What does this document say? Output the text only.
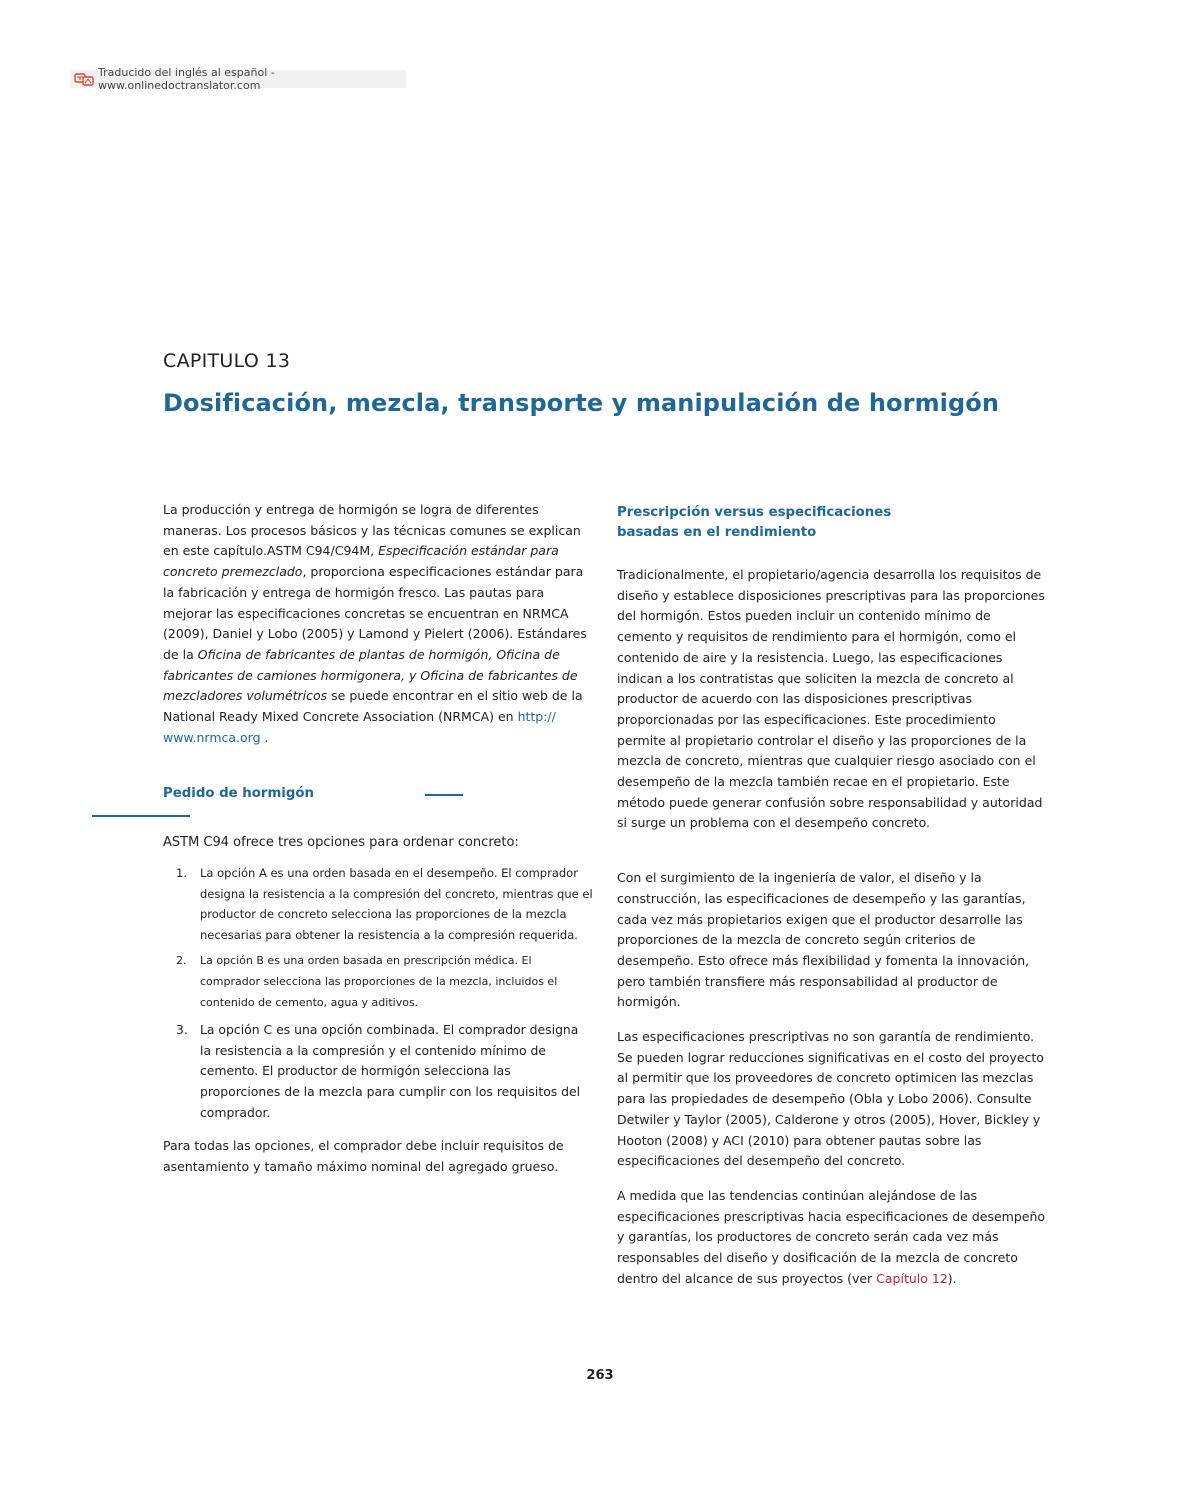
Traducido del inglés al español - www.onlinedoctranslator.com
CAPITULO 13
Dosificación, mezcla, transporte y manipulación de hormigón

La producción y entrega de hormigón se logra de diferentes maneras. Los procesos básicos y las técnicas comunes se explican en este capítulo.ASTM C94/C94M, Especificación estándar para concreto premezclado, proporciona especificaciones estándar para la fabricación y entrega de hormigón fresco. Las pautas para mejorar las especificaciones concretas se encuentran en NRMCA (2009), Daniel y Lobo (2005) y Lamond y Pielert (2006). Estándares de la Oficina de fabricantes de plantas de hormigón, Oficina de fabricantes de camiones hormigonera, y Oficina de fabricantes de mezcladores volumétricos se puede encontrar en el sitio web de la National Ready Mixed Concrete Association (NRMCA) en http:// www.nrmca.org .

Pedido de hormigón

ASTM C94 ofrece tres opciones para ordenar concreto:

1. La opción A es una orden basada en el desempeño. El comprador designa la resistencia a la compresión del concreto, mientras que el productor de concreto selecciona las proporciones de la mezcla necesarias para obtener la resistencia a la compresión requerida.
2. La opción B es una orden basada en prescripción médica. El comprador selecciona las proporciones de la mezcla, incluidos el contenido de cemento, agua y aditivos.
3. La opción C es una opción combinada. El comprador designa la resistencia a la compresión y el contenido mínimo de cemento. El productor de hormigón selecciona las proporciones de la mezcla para cumplir con los requisitos del comprador.

Para todas las opciones, el comprador debe incluir requisitos de asentamiento y tamaño máximo nominal del agregado grueso.

Prescripción versus especificaciones
basadas en el rendimiento

Tradicionalmente, el propietario/agencia desarrolla los requisitos de diseño y establece disposiciones prescriptivas para las proporciones del hormigón. Estos pueden incluir un contenido mínimo de cemento y requisitos de rendimiento para el hormigón, como el contenido de aire y la resistencia. Luego, las especificaciones indican a los contratistas que soliciten la mezcla de concreto al productor de acuerdo con las disposiciones prescriptivas proporcionadas por las especificaciones. Este procedimiento permite al propietario controlar el diseño y las proporciones de la mezcla de concreto, mientras que cualquier riesgo asociado con el desempeño de la mezcla también recae en el propietario. Este método puede generar confusión sobre responsabilidad y autoridad si surge un problema con el desempeño concreto.

Con el surgimiento de la ingeniería de valor, el diseño y la construcción, las especificaciones de desempeño y las garantías, cada vez más propietarios exigen que el productor desarrolle las proporciones de la mezcla de concreto según criterios de desempeño. Esto ofrece más flexibilidad y fomenta la innovación, pero también transfiere más responsabilidad al productor de hormigón.

Las especificaciones prescriptivas no son garantía de rendimiento. Se pueden lograr reducciones significativas en el costo del proyecto al permitir que los proveedores de concreto optimicen las mezclas para las propiedades de desempeño (Obla y Lobo 2006). Consulte Detwiler y Taylor (2005), Calderone y otros (2005), Hover, Bickley y Hooton (2008) y ACI (2010) para obtener pautas sobre las especificaciones del desempeño del concreto.

A medida que las tendencias continúan alejándose de las especificaciones prescriptivas hacia especificaciones de desempeño y garantías, los productores de concreto serán cada vez más responsables del diseño y dosificación de la mezcla de concreto dentro del alcance de sus proyectos (ver Capítulo 12).

263
